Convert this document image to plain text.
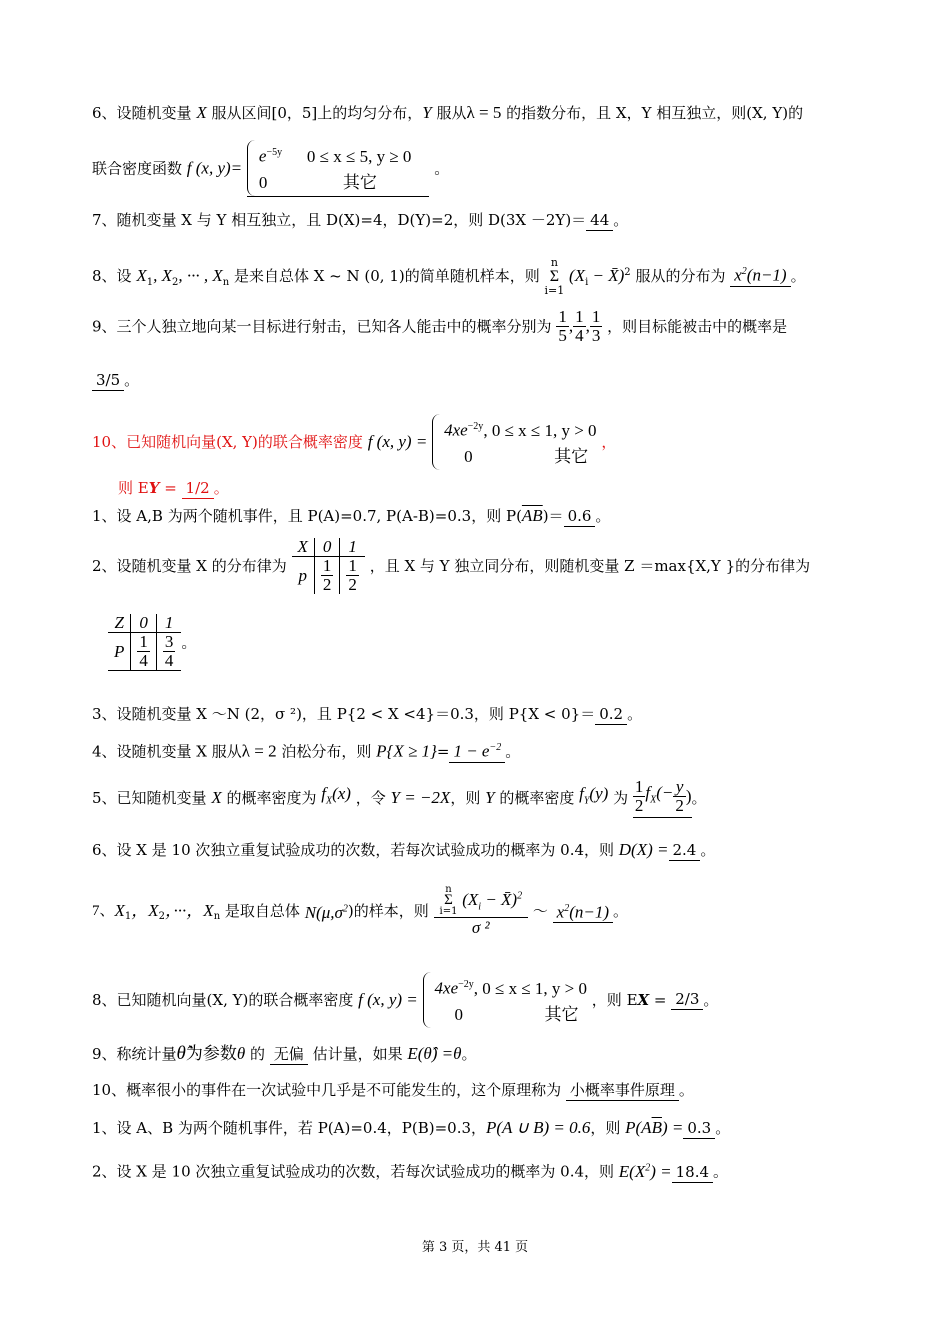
6、设随机变量 X 服从区间[0，5]上的均匀分布，Y 服从λ = 5 的指数分布，且 X，Y 相互独立，则(X, Y)的
联合密度函数 f (x, y)=
$e^{-5y}$ 0 ≤ x ≤ 5, y ≥ 0
0	其它
。
7、随机变量 X 与 Y 相互独立，且 D(X)=4，D(Y)=2，则 D(3X －2Y)＝ 44 。
8、设 $X_1$, $X_2$, ··· , $X_n$ 是来自总体 X ~ N (0, 1)的简单随机样本，则
n
Σ
i=1
($X_i$ − X̄)$^2$ 服从的分布为 $x^2(n-1)$ 。
9、三个人独立地向某一目标进行射击，已知各人能击中的概率分别为 $\frac{1}{5}$ , $\frac{1}{4}$ , $\frac{1}{3}$ ，则目标能被击中的概率是
3/5 。
10、已知随机向量(X, Y)的联合概率密度 f (x, y) =
$4xe^{-2y}$, 0 ≤ x ≤ 1, y > 0
0	其它
，
则 EY = 1/2 。
1、设 A,B 为两个随机事件，且 P(A)=0.7, P(A-B)=0.3，则 $P(\overline{AB})= 0.6$ 。
2、设随机变量 X 的分布律为 X	0	1
p	$\frac{1}{2}$	$\frac{1}{2}$ ，且 X 与 Y 独立同分布，则随机变量 Z ＝max{X,Y }的分布律为
Z	0	1
P	$\frac{1}{4}$	$\frac{3}{4}$ 。
3、设随机变量 X ～N (2，σ ²)，且 P{2 < X <4}＝0.3，则 P{X < 0}＝ 0.2 。
4、设随机变量 X 服从λ = 2 泊松分布，则 $P\{X \ge 1\}= 1 - e^{-2}$ 。
5、已知随机变量 X 的概率密度为 $f_X(x)$ ，令 Y = −2X，则 Y 的概率密度 $f_Y(y)$ 为 $\frac{1}{2} f_X(- \frac{y}{2}$ )。
6、设 X 是 10 次独立重复试验成功的次数，若每次试验成功的概率为 0.4，则 D(X) = 2.4 。
7、$X_1$，$X_2$，···，$X_n$ 是取自总体 $N(\mu,\sigma^2)$的样本，则
n
Σ
i=1
($X_i$ − X̄)$^2$
σ ²
～ $x^2(n-1)$ 。
8、已知随机向量(X, Y)的联合概率密度 f (x, y) =
$4xe^{-2y}$, 0 ≤ x ≤ 1, y > 0
0	其它
，则 EX = 2/3 。
9、称统计量θ̂为参数θ 的 无偏 估计量，如果 E(θ̂) =θ。
10、概率很小的事件在一次试验中几乎是不可能发生的，这个原理称为 小概率事件原理 。
1、设 A、B 为两个随机事件，若 P(A)=0.4，P(B)=0.3，P(A ∪ B) = 0.6，则 $P(A\overline{B}) = 0.3$ 。
2、设 X 是 10 次独立重复试验成功的次数，若每次试验成功的概率为 0.4，则 $E(X^2) = 18.4$ 。
第 3 页，共 41 页
